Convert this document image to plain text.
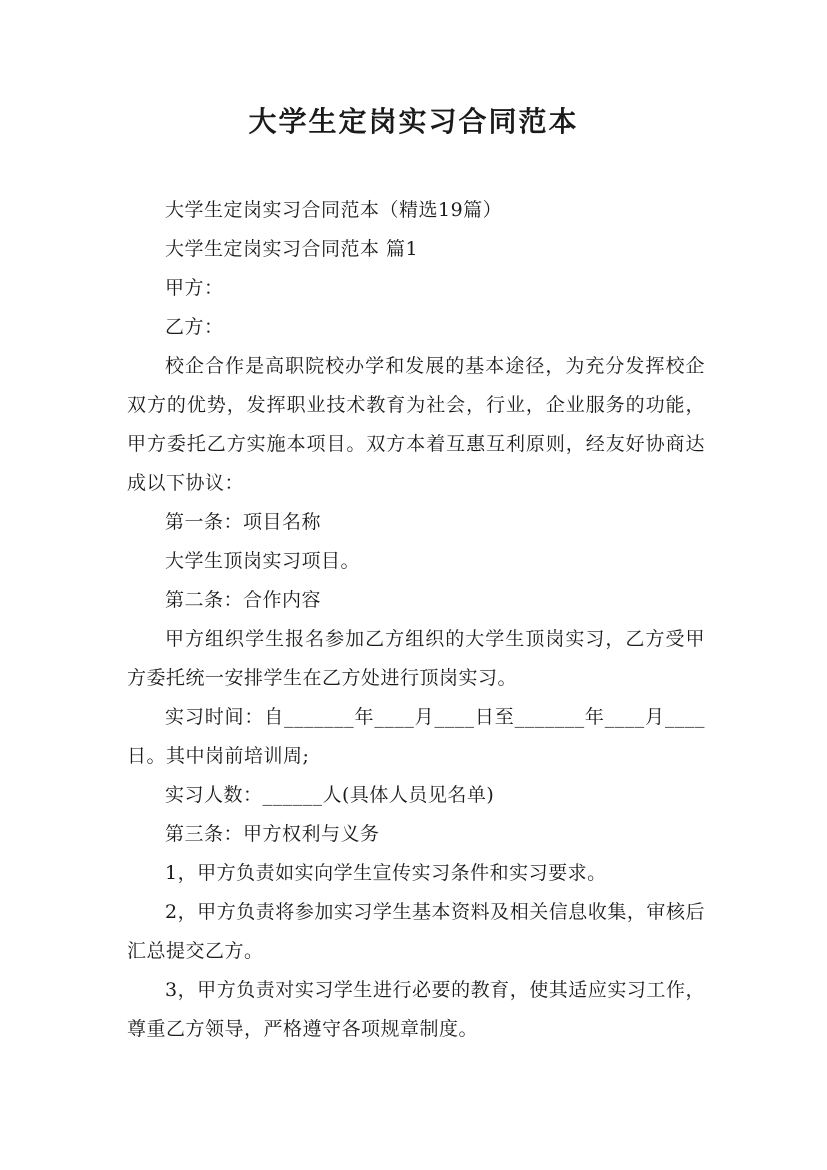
大学生定岗实习合同范本

大学生定岗实习合同范本（精选19篇）

大学生定岗实习合同范本 篇1

甲方：

乙方：

校企合作是高职院校办学和发展的基本途径，为充分发挥校企双方的优势，发挥职业技术教育为社会，行业，企业服务的功能，甲方委托乙方实施本项目。双方本着互惠互利原则，经友好协商达成以下协议：

第一条：项目名称

大学生顶岗实习项目。

第二条：合作内容

甲方组织学生报名参加乙方组织的大学生顶岗实习，乙方受甲方委托统一安排学生在乙方处进行顶岗实习。

实习时间：自_______年____月____日至_______年____月____日。其中岗前培训周;

实习人数：______人(具体人员见名单)

第三条：甲方权利与义务

1，甲方负责如实向学生宣传实习条件和实习要求。

2，甲方负责将参加实习学生基本资料及相关信息收集，审核后汇总提交乙方。

3，甲方负责对实习学生进行必要的教育，使其适应实习工作，尊重乙方领导，严格遵守各项规章制度。
